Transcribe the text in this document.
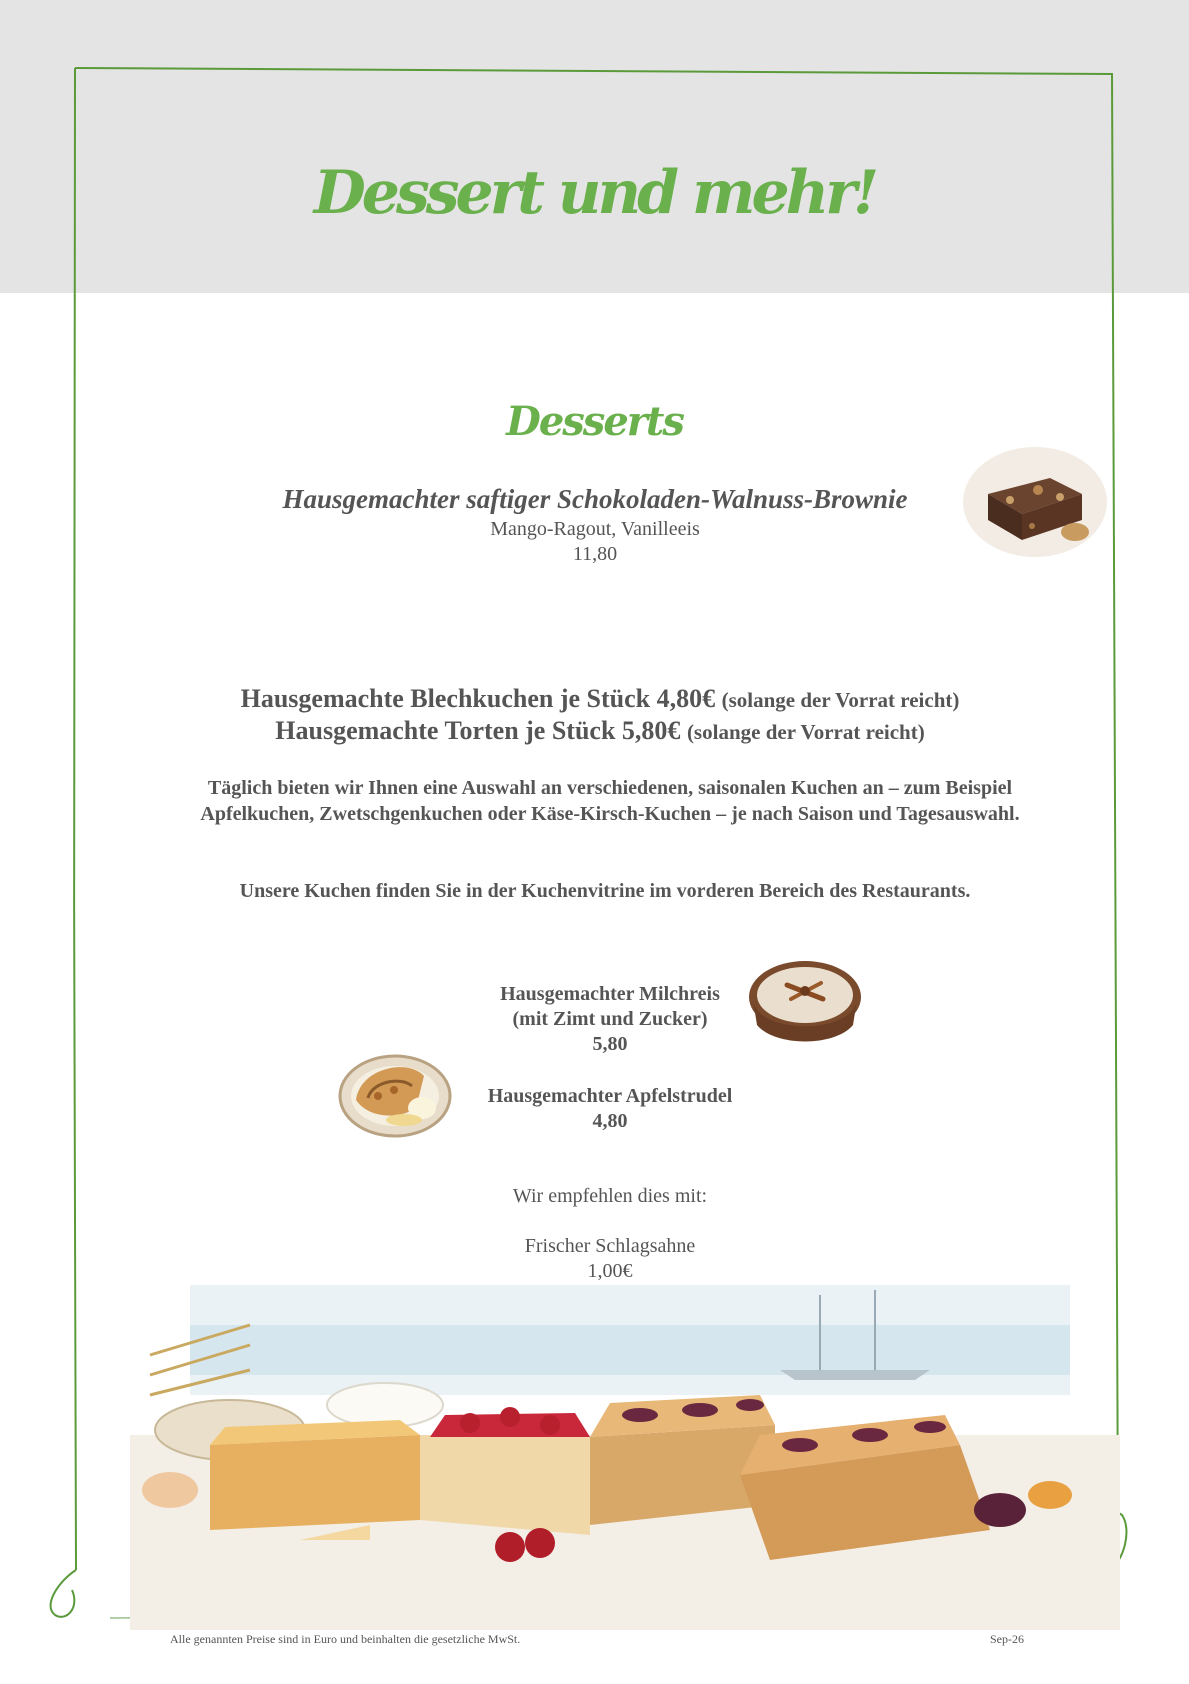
Dessert und mehr!
Desserts
Hausgemachter saftiger Schokoladen-Walnuss-Brownie
Mango-Ragout, Vanilleeis
11,80
Hausgemachte Blechkuchen je Stück 4,80€ (solange der Vorrat reicht)
Hausgemachte Torten je Stück 5,80€ (solange der Vorrat reicht)
Täglich bieten wir Ihnen eine Auswahl an verschiedenen, saisonalen Kuchen an – zum Beispiel Apfelkuchen, Zwetschgenkuchen oder Käse-Kirsch-Kuchen – je nach Saison und Tagesauswahl.
Unsere Kuchen finden Sie in der Kuchenvitrine im vorderen Bereich des Restaurants.
Hausgemachter Milchreis
(mit Zimt und Zucker)
5,80
Hausgemachter Apfelstrudel
4,80
Wir empfehlen dies mit:
Frischer Schlagsahne
1,00€
Alle genannten Preise sind in Euro und beinhalten die gesetzliche MwSt.	Sep-26
